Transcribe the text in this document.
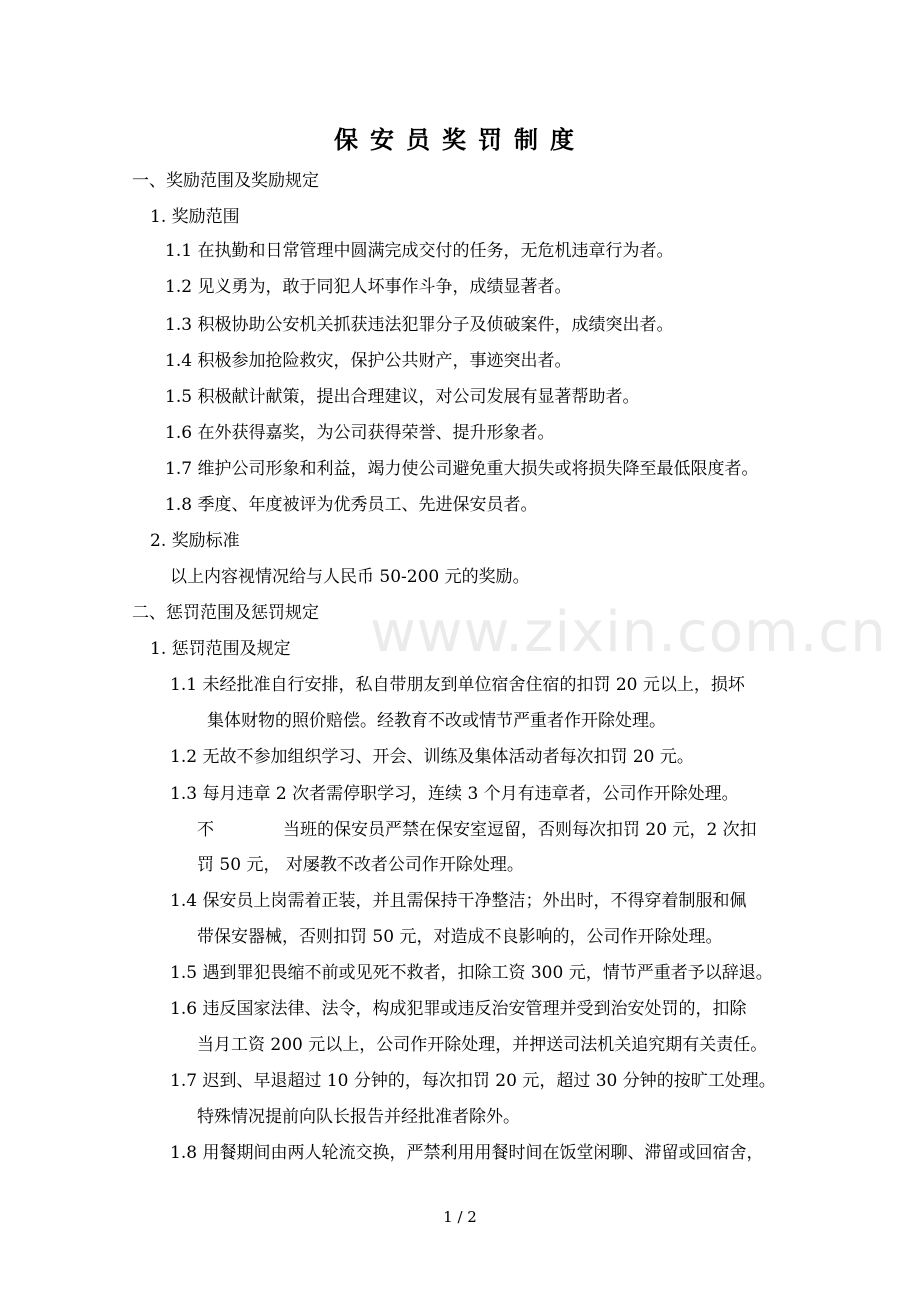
保安员奖罚制度
一、奖励范围及奖励规定
1. 奖励范围
1.1 在执勤和日常管理中圆满完成交付的任务，无危机违章行为者。
1.2 见义勇为，敢于同犯人坏事作斗争，成绩显著者。
1.3 积极协助公安机关抓获违法犯罪分子及侦破案件，成绩突出者。
1.4 积极参加抢险救灾，保护公共财产，事迹突出者。
1.5 积极献计献策，提出合理建议，对公司发展有显著帮助者。
1.6 在外获得嘉奖，为公司获得荣誉、提升形象者。
1.7 维护公司形象和利益，竭力使公司避免重大损失或将损失降至最低限度者。
1.8 季度、年度被评为优秀员工、先进保安员者。
2. 奖励标准
以上内容视情况给与人民币 50-200 元的奖励。
二、惩罚范围及惩罚规定
1. 惩罚范围及规定
1.1 未经批准自行安排，私自带朋友到单位宿舍住宿的扣罚 20 元以上，损坏
集体财物的照价赔偿。经教育不改或情节严重者作开除处理。
1.2 无故不参加组织学习、开会、训练及集体活动者每次扣罚 20 元。
1.3 每月违章 2 次者需停职学习，连续 3 个月有违章者，公司作开除处理。
不	当班的保安员严禁在保安室逗留，否则每次扣罚 20 元，2 次扣
罚 50 元， 对屡教不改者公司作开除处理。
1.4 保安员上岗需着正装，并且需保持干净整洁；外出时，不得穿着制服和佩
带保安器械，否则扣罚 50 元，对造成不良影响的，公司作开除处理。
1.5 遇到罪犯畏缩不前或见死不救者，扣除工资 300 元，情节严重者予以辞退。
1.6 违反国家法律、法令，构成犯罪或违反治安管理并受到治安处罚的，扣除
当月工资 200 元以上，公司作开除处理，并押送司法机关追究期有关责任。
1.7 迟到、早退超过 10 分钟的，每次扣罚 20 元，超过 30 分钟的按旷工处理。
特殊情况提前向队长报告并经批准者除外。
1.8 用餐期间由两人轮流交换，严禁利用用餐时间在饭堂闲聊、滞留或回宿舍，
www.zixin.com.cn
1 / 2
